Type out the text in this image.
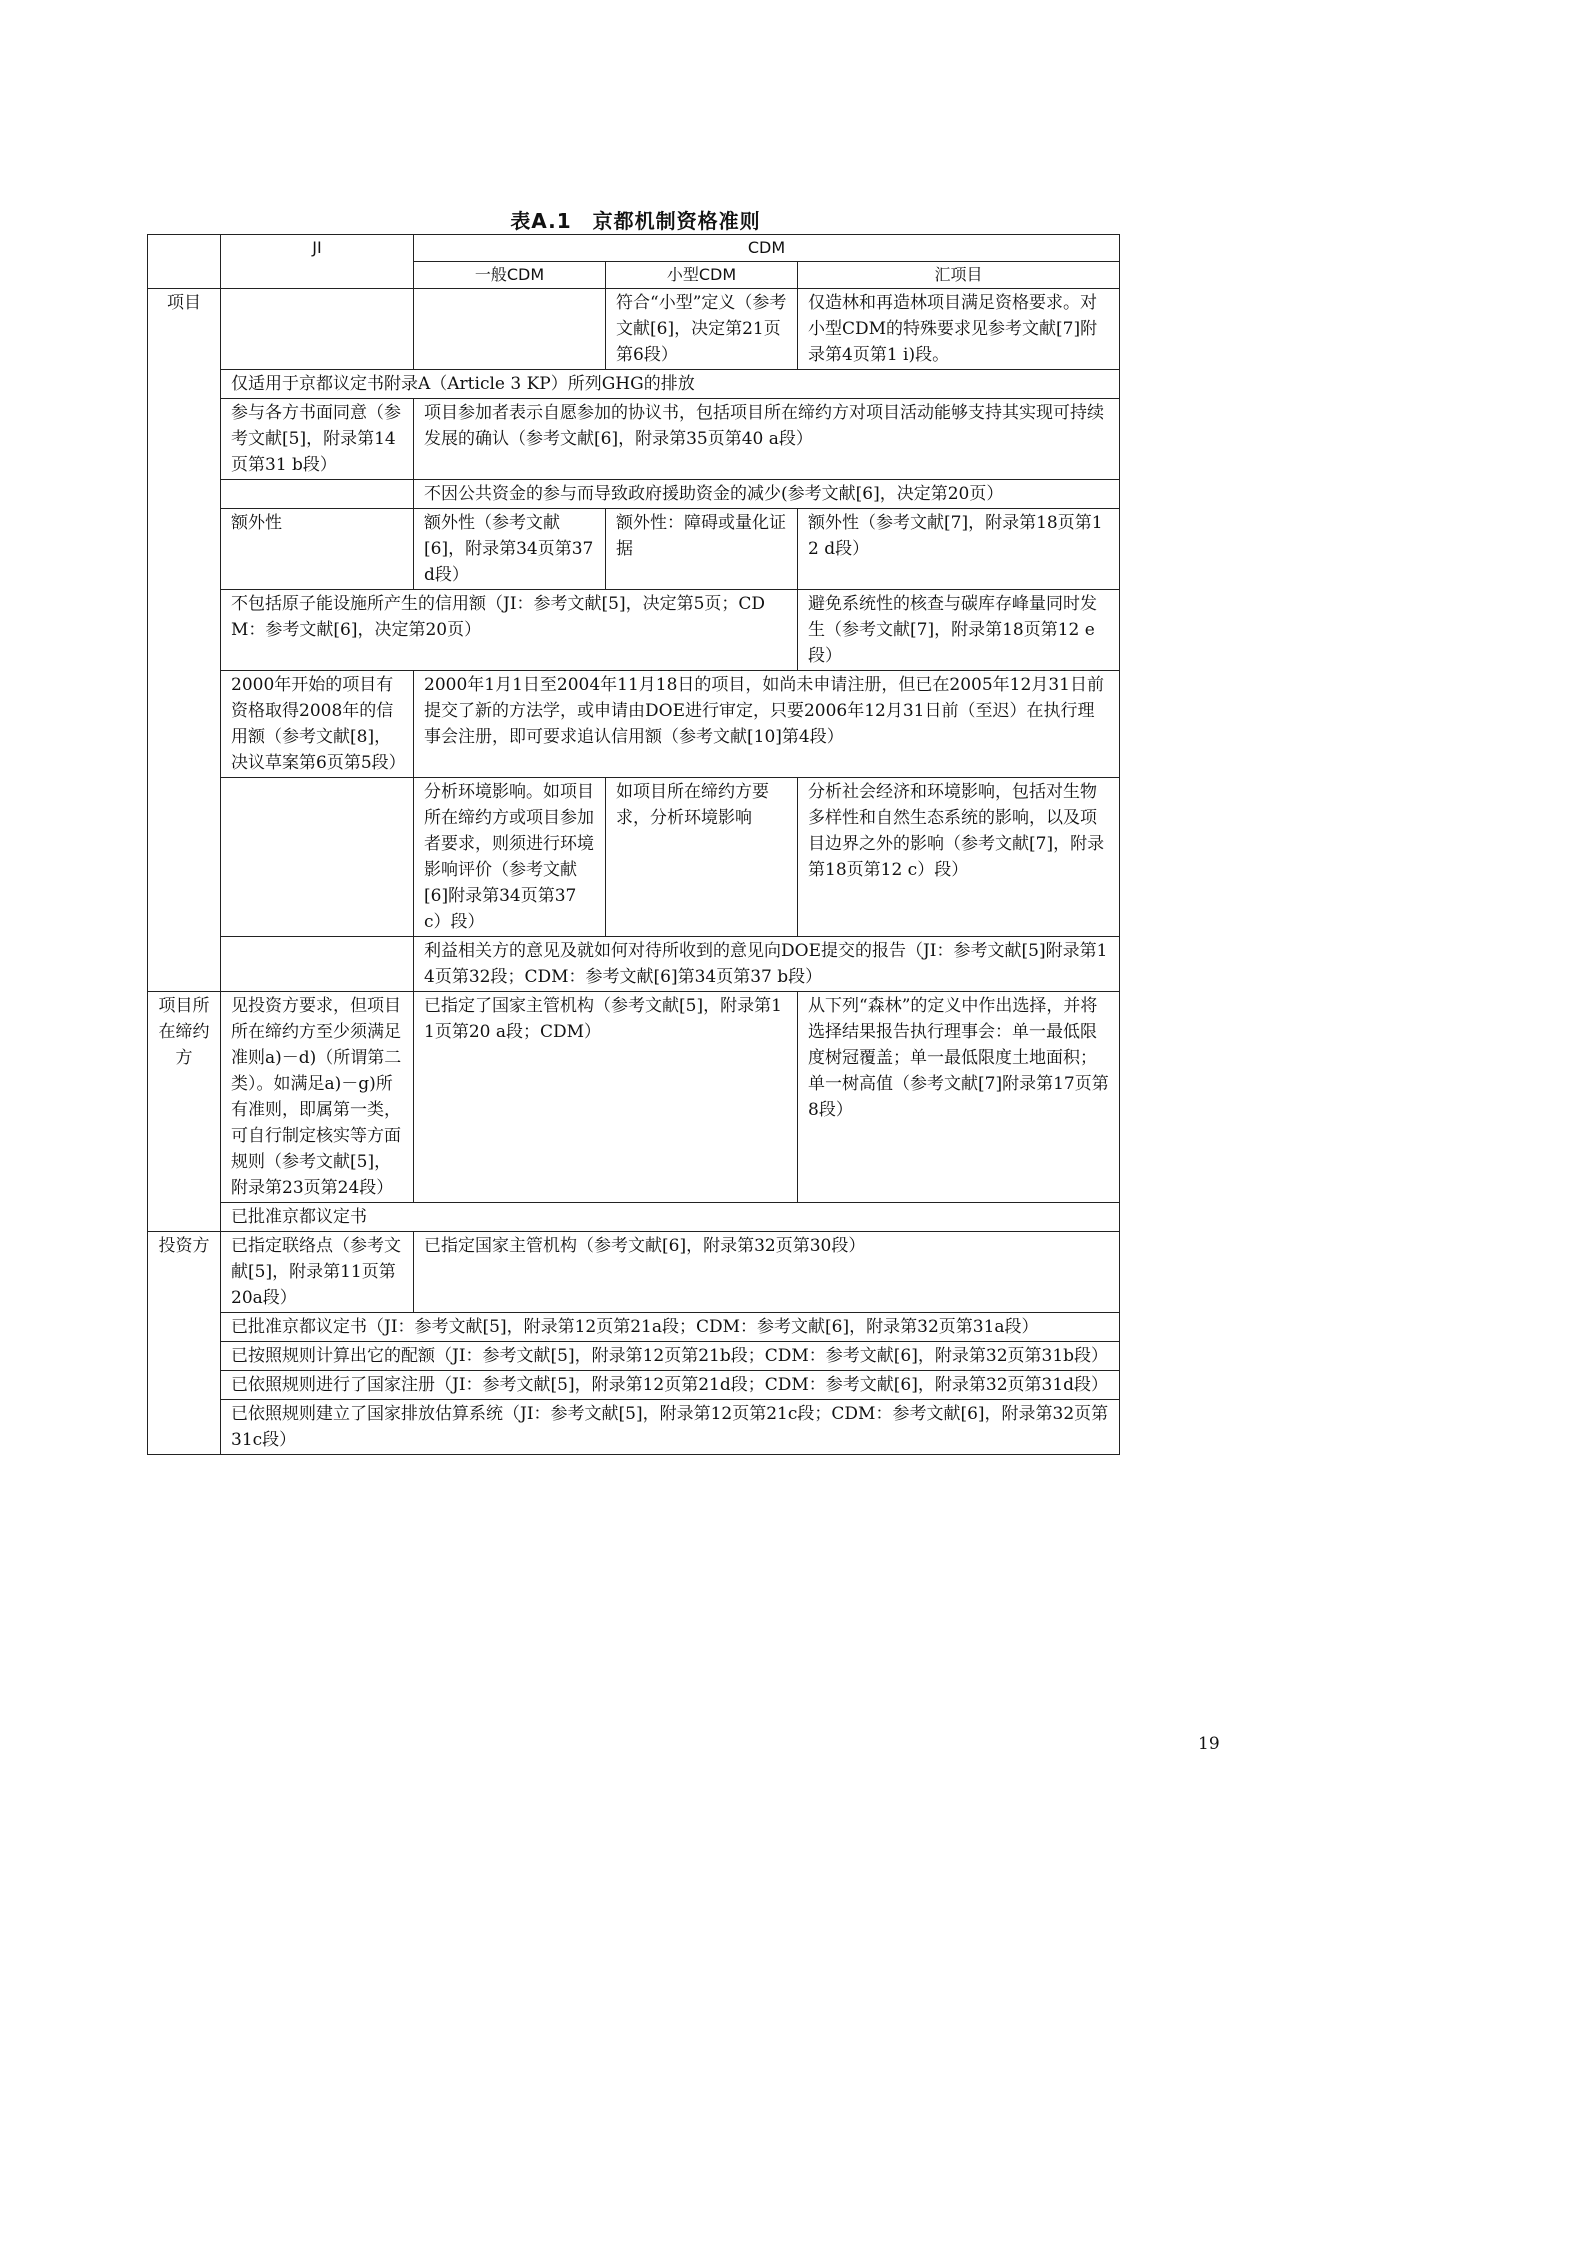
表A.1　京都机制资格准则
	JI	CDM		
		一般CDM	小型CDM	汇项目
项目			符合“小型”定义（参考文献[6]，决定第21页第6段）	仅造林和再造林项目满足资格要求。对小型CDM的特殊要求见参考文献[7]附录第4页第1 i)段。
	仅适用于京都议定书附录A（Article 3 KP）所列GHG的排放			
	参与各方书面同意（参考文献[5]，附录第14页第31 b段）	项目参加者表示自愿参加的协议书，包括项目所在缔约方对项目活动能够支持其实现可持续发展的确认（参考文献[6]，附录第35页第40 a段）		
		不因公共资金的参与而导致政府援助资金的减少(参考文献[6]，决定第20页）		
	额外性	额外性（参考文献[6]，附录第34页第37 d段）	额外性：障碍或量化证据	额外性（参考文献[7]，附录第18页第12 d段）
	不包括原子能设施所产生的信用额（JI：参考文献[5]，决定第5页；CDM：参考文献[6]，决定第20页）			避免系统性的核查与碳库存峰量同时发生（参考文献[7]，附录第18页第12 e段）
	2000年开始的项目有资格取得2008年的信用额（参考文献[8]，决议草案第6页第5段）	2000年1月1日至2004年11月18日的项目，如尚未申请注册，但已在2005年12月31日前提交了新的方法学，或申请由DOE进行审定，只要2006年12月31日前（至迟）在执行理事会注册，即可要求追认信用额（参考文献[10]第4段）		
		分析环境影响。如项目所在缔约方或项目参加者要求，则须进行环境影响评价（参考文献[6]附录第34页第37 c）段）	如项目所在缔约方要求，分析环境影响	分析社会经济和环境影响，包括对生物多样性和自然生态系统的影响，以及项目边界之外的影响（参考文献[7]，附录第18页第12 c）段）
		利益相关方的意见及就如何对待所收到的意见向DOE提交的报告（JI：参考文献[5]附录第14页第32段；CDM：参考文献[6]第34页第37 b段）		
项目所在缔约方	见投资方要求，但项目所在缔约方至少须满足准则a)－d)（所谓第二类）。如满足a)－g)所有准则，即属第一类，可自行制定核实等方面规则（参考文献[5]，附录第23页第24段）	已指定了国家主管机构（参考文献[5]，附录第11页第20 a段；CDM）		从下列“森林”的定义中作出选择，并将选择结果报告执行理事会：单一最低限度树冠覆盖；单一最低限度土地面积；单一树高值（参考文献[7]附录第17页第8段）
	已批准京都议定书			
投资方	已指定联络点（参考文献[5]，附录第11页第20a段）	已指定国家主管机构（参考文献[6]，附录第32页第30段）		
	已批准京都议定书（JI：参考文献[5]，附录第12页第21a段；CDM：参考文献[6]，附录第32页第31a段）			
	已按照规则计算出它的配额（JI：参考文献[5]，附录第12页第21b段；CDM：参考文献[6]，附录第32页第31b段）			
	已依照规则进行了国家注册（JI：参考文献[5]，附录第12页第21d段；CDM：参考文献[6]，附录第32页第31d段）			
	已依照规则建立了国家排放估算系统（JI：参考文献[5]，附录第12页第21c段；CDM：参考文献[6]，附录第32页第31c段）			
19
